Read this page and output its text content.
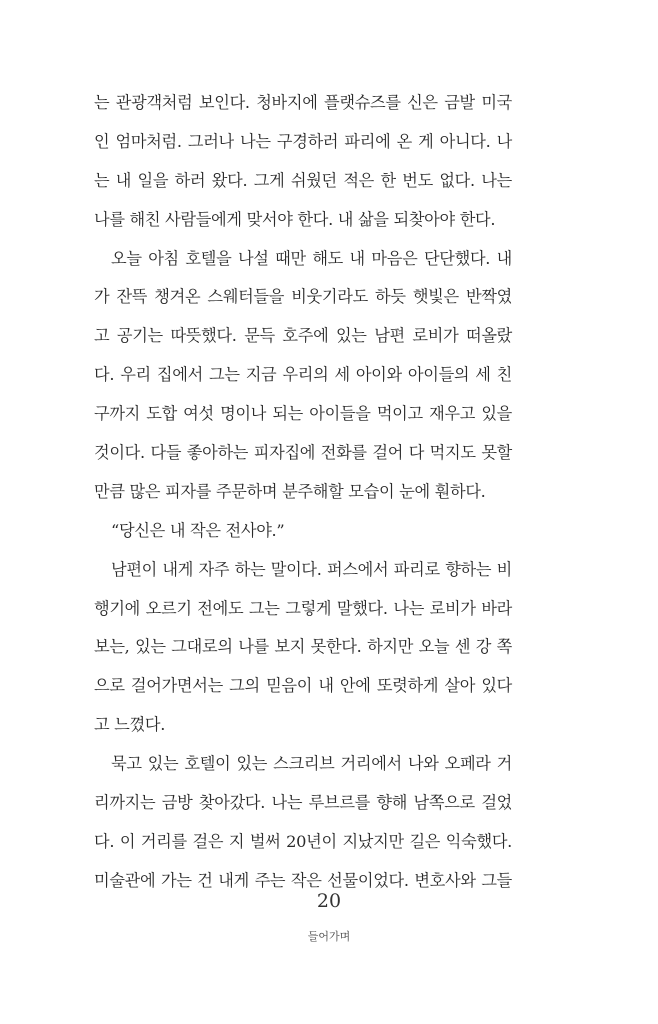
는 관광객처럼 보인다. 청바지에 플랫슈즈를 신은 금발 미국
인 엄마처럼. 그러나 나는 구경하러 파리에 온 게 아니다. 나
는 내 일을 하러 왔다. 그게 쉬웠던 적은 한 번도 없다. 나는
나를 해친 사람들에게 맞서야 한다. 내 삶을 되찾아야 한다.
오늘 아침 호텔을 나설 때만 해도 내 마음은 단단했다. 내
가 잔뜩 챙겨온 스웨터들을 비웃기라도 하듯 햇빛은 반짝였
고 공기는 따뜻했다. 문득 호주에 있는 남편 로비가 떠올랐
다. 우리 집에서 그는 지금 우리의 세 아이와 아이들의 세 친
구까지 도합 여섯 명이나 되는 아이들을 먹이고 재우고 있을
것이다. 다들 좋아하는 피자집에 전화를 걸어 다 먹지도 못할
만큼 많은 피자를 주문하며 분주해할 모습이 눈에 훤하다.
“당신은 내 작은 전사야.”
남편이 내게 자주 하는 말이다. 퍼스에서 파리로 향하는 비
행기에 오르기 전에도 그는 그렇게 말했다. 나는 로비가 바라
보는, 있는 그대로의 나를 보지 못한다. 하지만 오늘 센 강 쪽
으로 걸어가면서는 그의 믿음이 내 안에 또렷하게 살아 있다
고 느꼈다.
묵고 있는 호텔이 있는 스크리브 거리에서 나와 오페라 거
리까지는 금방 찾아갔다. 나는 루브르를 향해 남쪽으로 걸었
다. 이 거리를 걸은 지 벌써 20년이 지났지만 길은 익숙했다.
미술관에 가는 건 내게 주는 작은 선물이었다. 변호사와 그들
20
들어가며
